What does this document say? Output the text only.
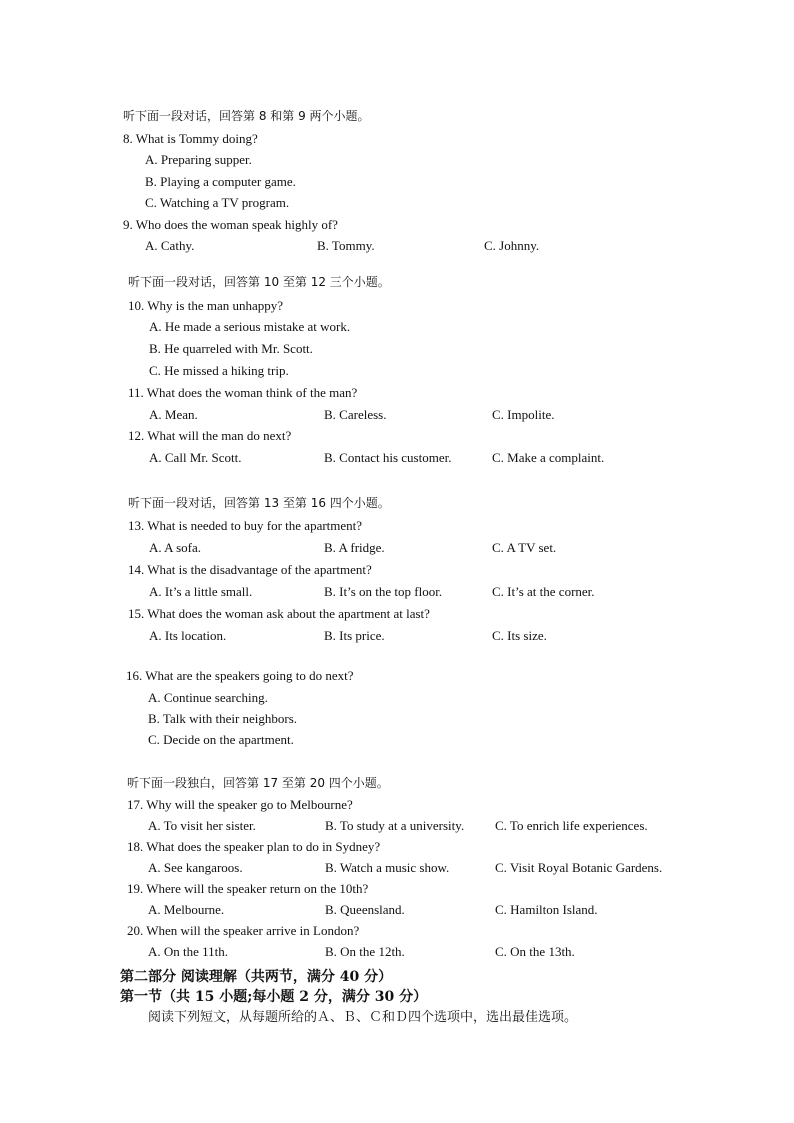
听下面一段对话，回答第 8 和第 9 两个小题。
8. What is Tommy doing?
A. Preparing supper.
B. Playing a computer game.
C. Watching a TV program.
9. Who does the woman speak highly of?
A. Cathy.	B. Tommy.	C. Johnny.
听下面一段对话，回答第 10 至第 12 三个小题。
10. Why is the man unhappy?
A. He made a serious mistake at work.
B. He quarreled with Mr. Scott.
C. He missed a hiking trip.
11. What does the woman think of the man?
A. Mean.	B. Careless.	C. Impolite.
12. What will the man do next?
A. Call Mr. Scott.	B. Contact his customer.	C. Make a complaint.
听下面一段对话，回答第 13 至第 16 四个小题。
13. What is needed to buy for the apartment?
A. A sofa.	B. A fridge.	C. A TV set.
14. What is the disadvantage of the apartment?
A. It’s a little small.	B. It’s on the top floor.	C. It’s at the corner.
15. What does the woman ask about the apartment at last?
A. Its location.	B. Its price.	C. Its size.
16. What are the speakers going to do next?
A. Continue searching.
B. Talk with their neighbors.
C. Decide on the apartment.
听下面一段独白，回答第 17 至第 20 四个小题。
17. Why will the speaker go to Melbourne?
A. To visit her sister.	B. To study at a university. C. To enrich life experiences.
18. What does the speaker plan to do in Sydney?
A. See kangaroos.	B. Watch a music show.	C. Visit Royal Botanic Gardens.
19. Where will the speaker return on the 10th?
A. Melbourne.	B. Queensland.	C. Hamilton Island.
20. When will the speaker arrive in London?
A. On the 11th.	B. On the 12th.	C. On the 13th.
第二部分 阅读理解（共两节，满分 40 分）
第一节（共 15 小题;每小题 2 分，满分 30 分）
阅读下列短文，从每题所给的Ａ、Ｂ、Ｃ和Ｄ四个选项中，选出最佳选项。
